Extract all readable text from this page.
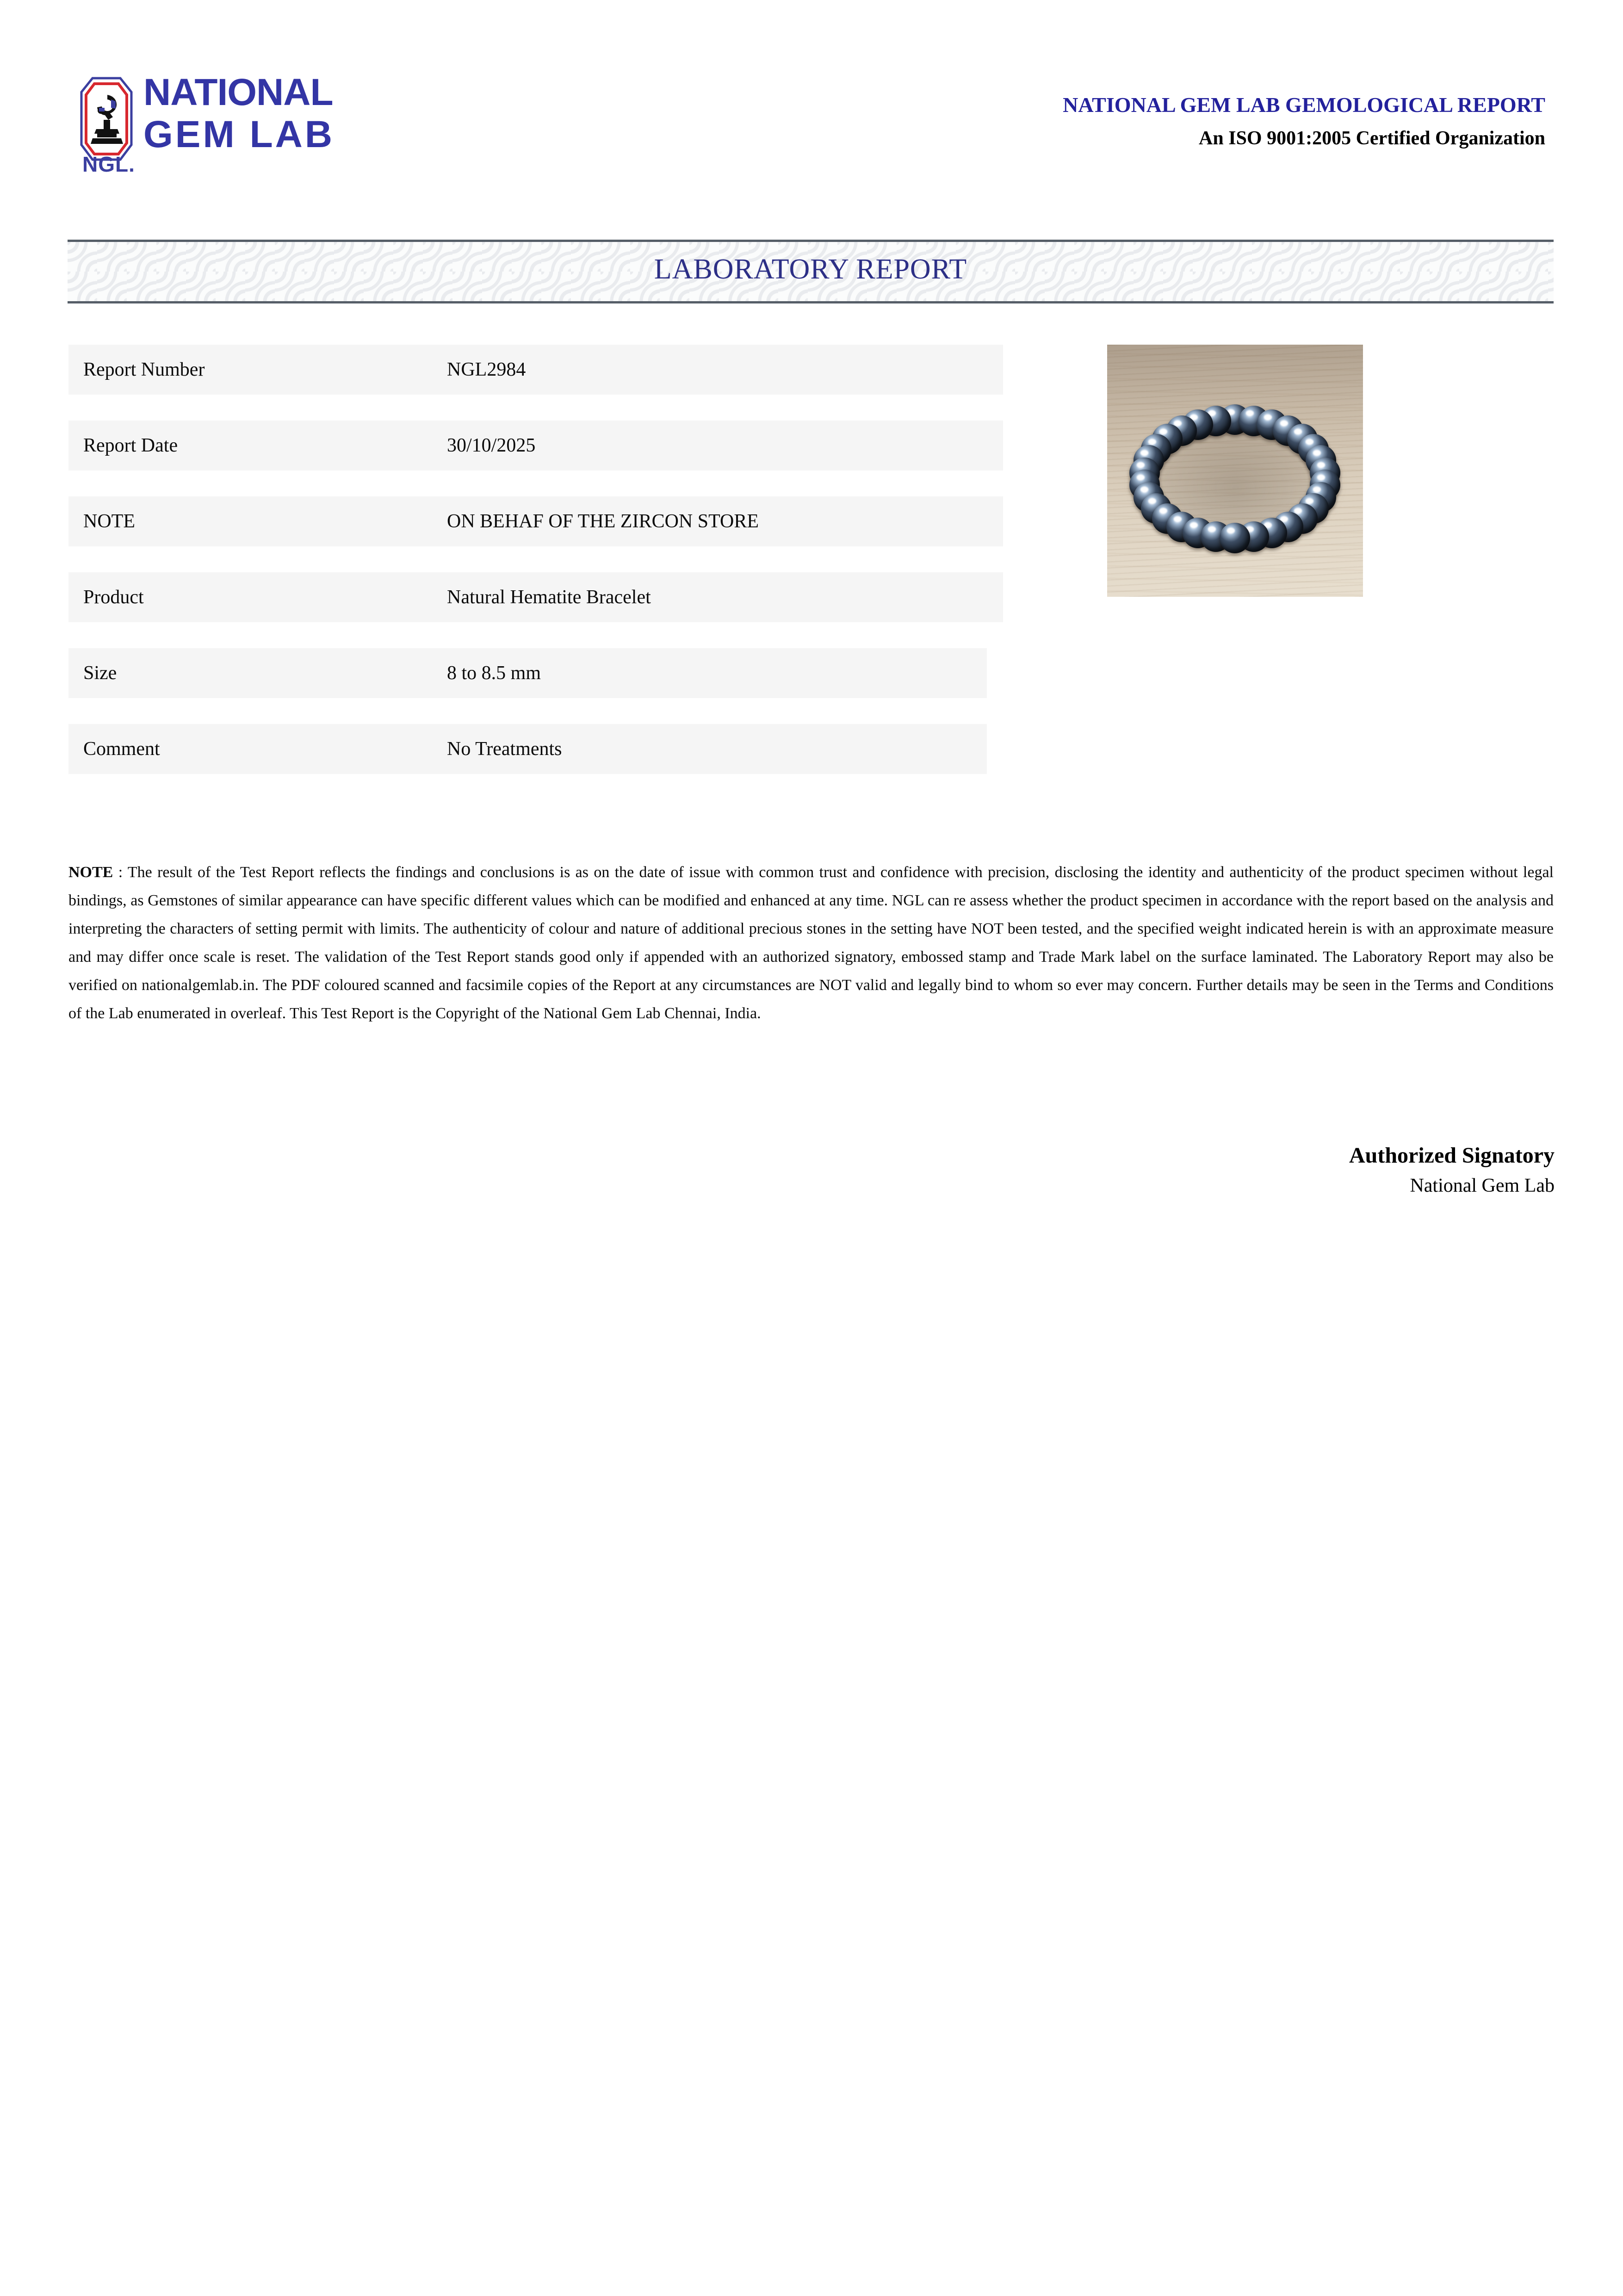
NGL.
NATIONAL
GEM LAB
NATIONAL GEM LAB GEMOLOGICAL REPORT
An ISO 9001:2005 Certified Organization
LABORATORY REPORT
Report Number	NGL2984
Report Date	30/10/2025
NOTE	ON BEHAF OF THE ZIRCON STORE
Product	Natural Hematite Bracelet
Size	8 to 8.5 mm
Comment	No Treatments
NOTE : The result of the Test Report reflects the findings and conclusions is as on the date of issue with common trust and confidence with precision, disclosing the identity and authenticity of the product specimen without legal bindings, as Gemstones of similar appearance can have specific different values which can be modified and enhanced at any time. NGL can re assess whether the product specimen in accordance with the report based on the analysis and interpreting the characters of setting permit with limits. The authenticity of colour and nature of additional precious stones in the setting have NOT been tested, and the specified weight indicated herein is with an approximate measure and may differ once scale is reset. The validation of the Test Report stands good only if appended with an authorized signatory, embossed stamp and Trade Mark label on the surface laminated. The Laboratory Report may also be verified on nationalgemlab.in. The PDF coloured scanned and facsimile copies of the Report at any circumstances are NOT valid and legally bind to whom so ever may concern. Further details may be seen in the Terms and Conditions of the Lab enumerated in overleaf. This Test Report is the Copyright of the National Gem Lab Chennai, India.
Authorized Signatory
National Gem Lab
